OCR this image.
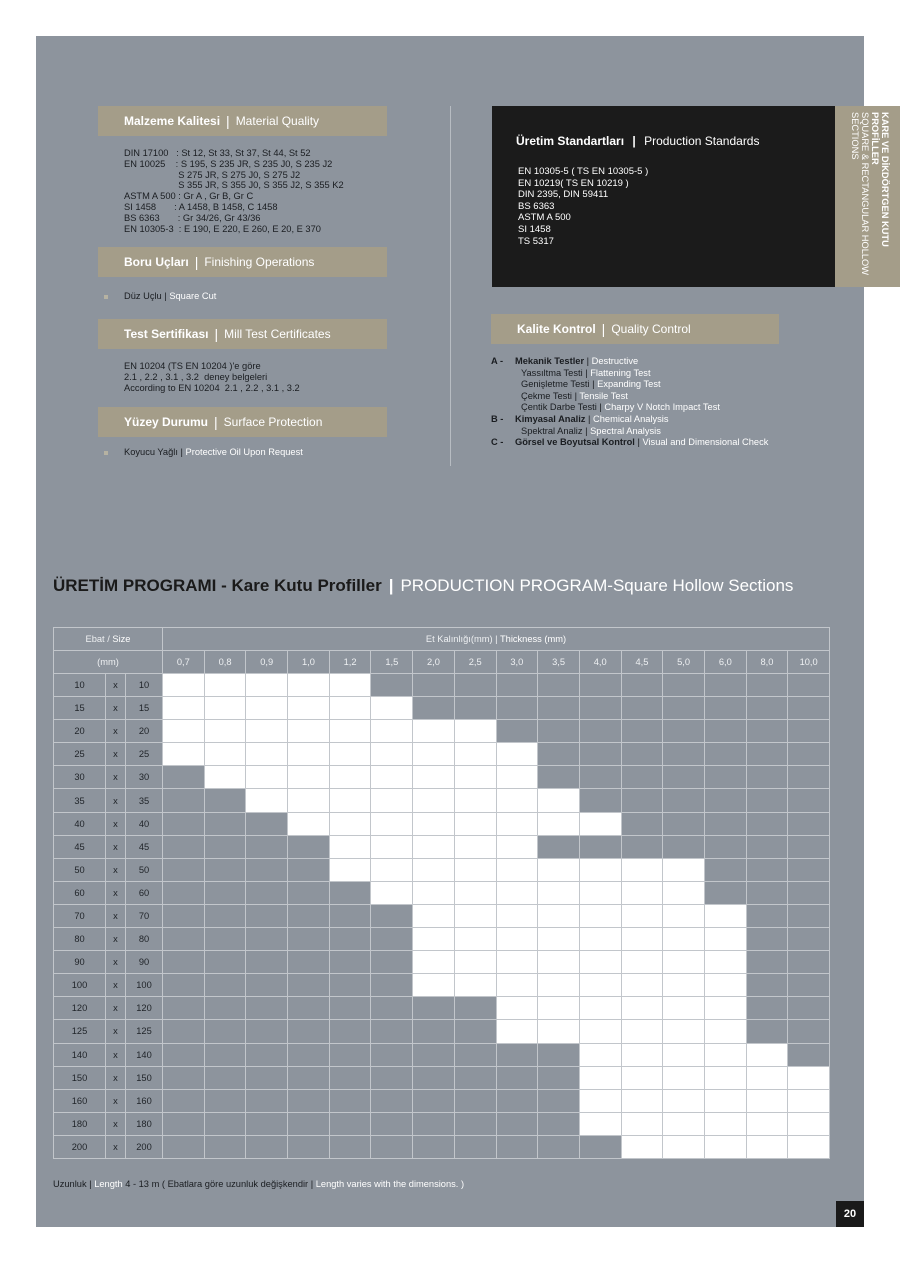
Malzeme Kalitesi | Material Quality
DIN 17100   : St 12, St 33, St 37, St 44, St 52
EN 10025    : S 195, S 235 JR, S 235 J0, S 235 J2
S 275 JR, S 275 J0, S 275 J2
S 355 JR, S 355 J0, S 355 J2, S 355 K2
ASTM A 500 : Gr A , Gr B, Gr C
SI 1458       : A 1458, B 1458, C 1458
BS 6363       : Gr 34/26, Gr 43/36
EN 10305-3  : E 190, E 220, E 260, E 20, E 370
Boru Uçları | Finishing Operations
Düz Uçlu | Square Cut
Test Sertifikası | Mill Test Certificates
EN 10204 (TS EN 10204 )'e göre
2.1 , 2.2 , 3.1 , 3.2  deney belgeleri
According to EN 10204  2.1 , 2.2 , 3.1 , 3.2
Yüzey Durumu | Surface Protection
Koyucu Yağlı | Protective Oil Upon Request
Üretim Standartları | Production Standards
EN 10305-5 ( TS EN 10305-5 )
EN 10219( TS EN 10219 )
DIN 2395, DIN 59411
BS 6363
ASTM A 500
SI 1458
TS 5317	KARE VE DİKDÖRTGEN KUTU PROFİLLER
SQUARE & RECTANGULAR HOLLOW SECTIONS
Kalite Kontrol | Quality Control
A - Mekanik Testler | Destructive
Yassıltma Testi | Flattening Test
Genişletme Testi | Expanding Test
Çekme Testi | Tensile Test
Çentik Darbe Testi | Charpy V Notch Impact Test
B - Kimyasal Analiz | Chemical Analysis
Spektral Analiz | Spectral Analysis
C - Görsel ve Boyutsal Kontrol | Visual and Dimensional Check
ÜRETİM PROGRAMI - Kare Kutu Profiller | PRODUCTION PROGRAM-Square Hollow Sections
Ebat / Size			Et Kalınlığı(mm) | Thickness (mm)															
(mm)			0,7	0,8	0,9	1,0	1,2	1,5	2,0	2,5	3,0	3,5	4,0	4,5	5,0	6,0	8,0	10,0
10	x	10																
15	x	15																
20	x	20																
25	x	25																
30	x	30																
35	x	35																
40	x	40																
45	x	45																
50	x	50																
60	x	60																
70	x	70																
80	x	80																
90	x	90																
100	x	100																
120	x	120																
125	x	125																
140	x	140																
150	x	150																
160	x	160																
180	x	180																
200	x	200																
Uzunluk | Length 4 - 13 m ( Ebatlara göre uzunluk değişkendir | Length varies with the dimensions. )
20
